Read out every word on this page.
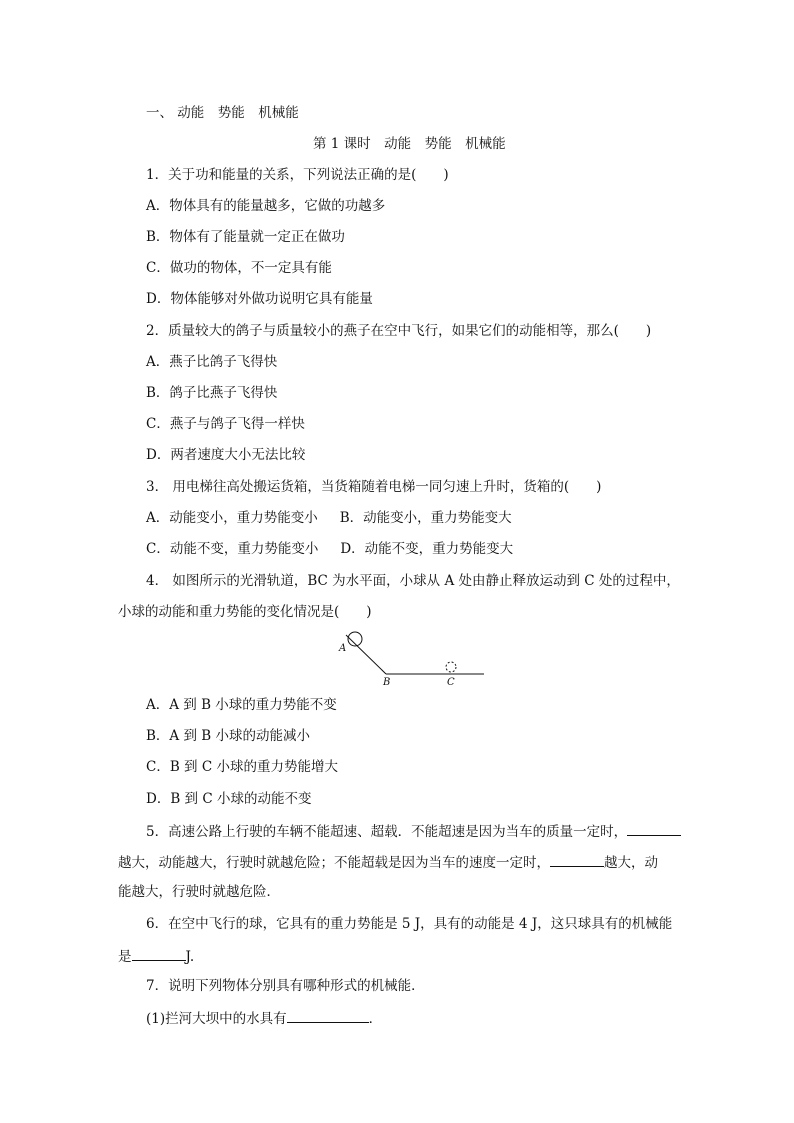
一、 动能　势能　机械能
第 1 课时　动能　势能　机械能
1．关于功和能量的关系，下列说法正确的是(　　)
A．物体具有的能量越多，它做的功越多
B．物体有了能量就一定正在做功
C．做功的物体，不一定具有能
D．物体能够对外做功说明它具有能量
2．质量较大的鸽子与质量较小的燕子在空中飞行，如果它们的动能相等，那么(　　)
A．燕子比鸽子飞得快
B．鸽子比燕子飞得快
C．燕子与鸽子飞得一样快
D．两者速度大小无法比较
3． 用电梯往高处搬运货箱，当货箱随着电梯一同匀速上升时，货箱的(　　)
A．动能变小，重力势能变小 B．动能变小，重力势能变大
C．动能不变，重力势能变小 D．动能不变，重力势能变大
4． 如图所示的光滑轨道，BC 为水平面，小球从 A 处由静止释放运动到 C 处的过程中，
小球的动能和重力势能的变化情况是(　　)
A
B	C
A．A 到 B 小球的重力势能不变
B．A 到 B 小球的动能减小
C．B 到 C 小球的重力势能增大
D．B 到 C 小球的动能不变
5．高速公路上行驶的车辆不能超速、超载．不能超速是因为当车的质量一定时，
越大，动能越大，行驶时就越危险；不能超载是因为当车的速度一定时，	越大，动
能越大，行驶时就越危险．
6．在空中飞行的球，它具有的重力势能是 5 J，具有的动能是 4 J，这只球具有的机械能
是	J.
7．说明下列物体分别具有哪种形式的机械能．
(1)拦河大坝中的水具有	．
